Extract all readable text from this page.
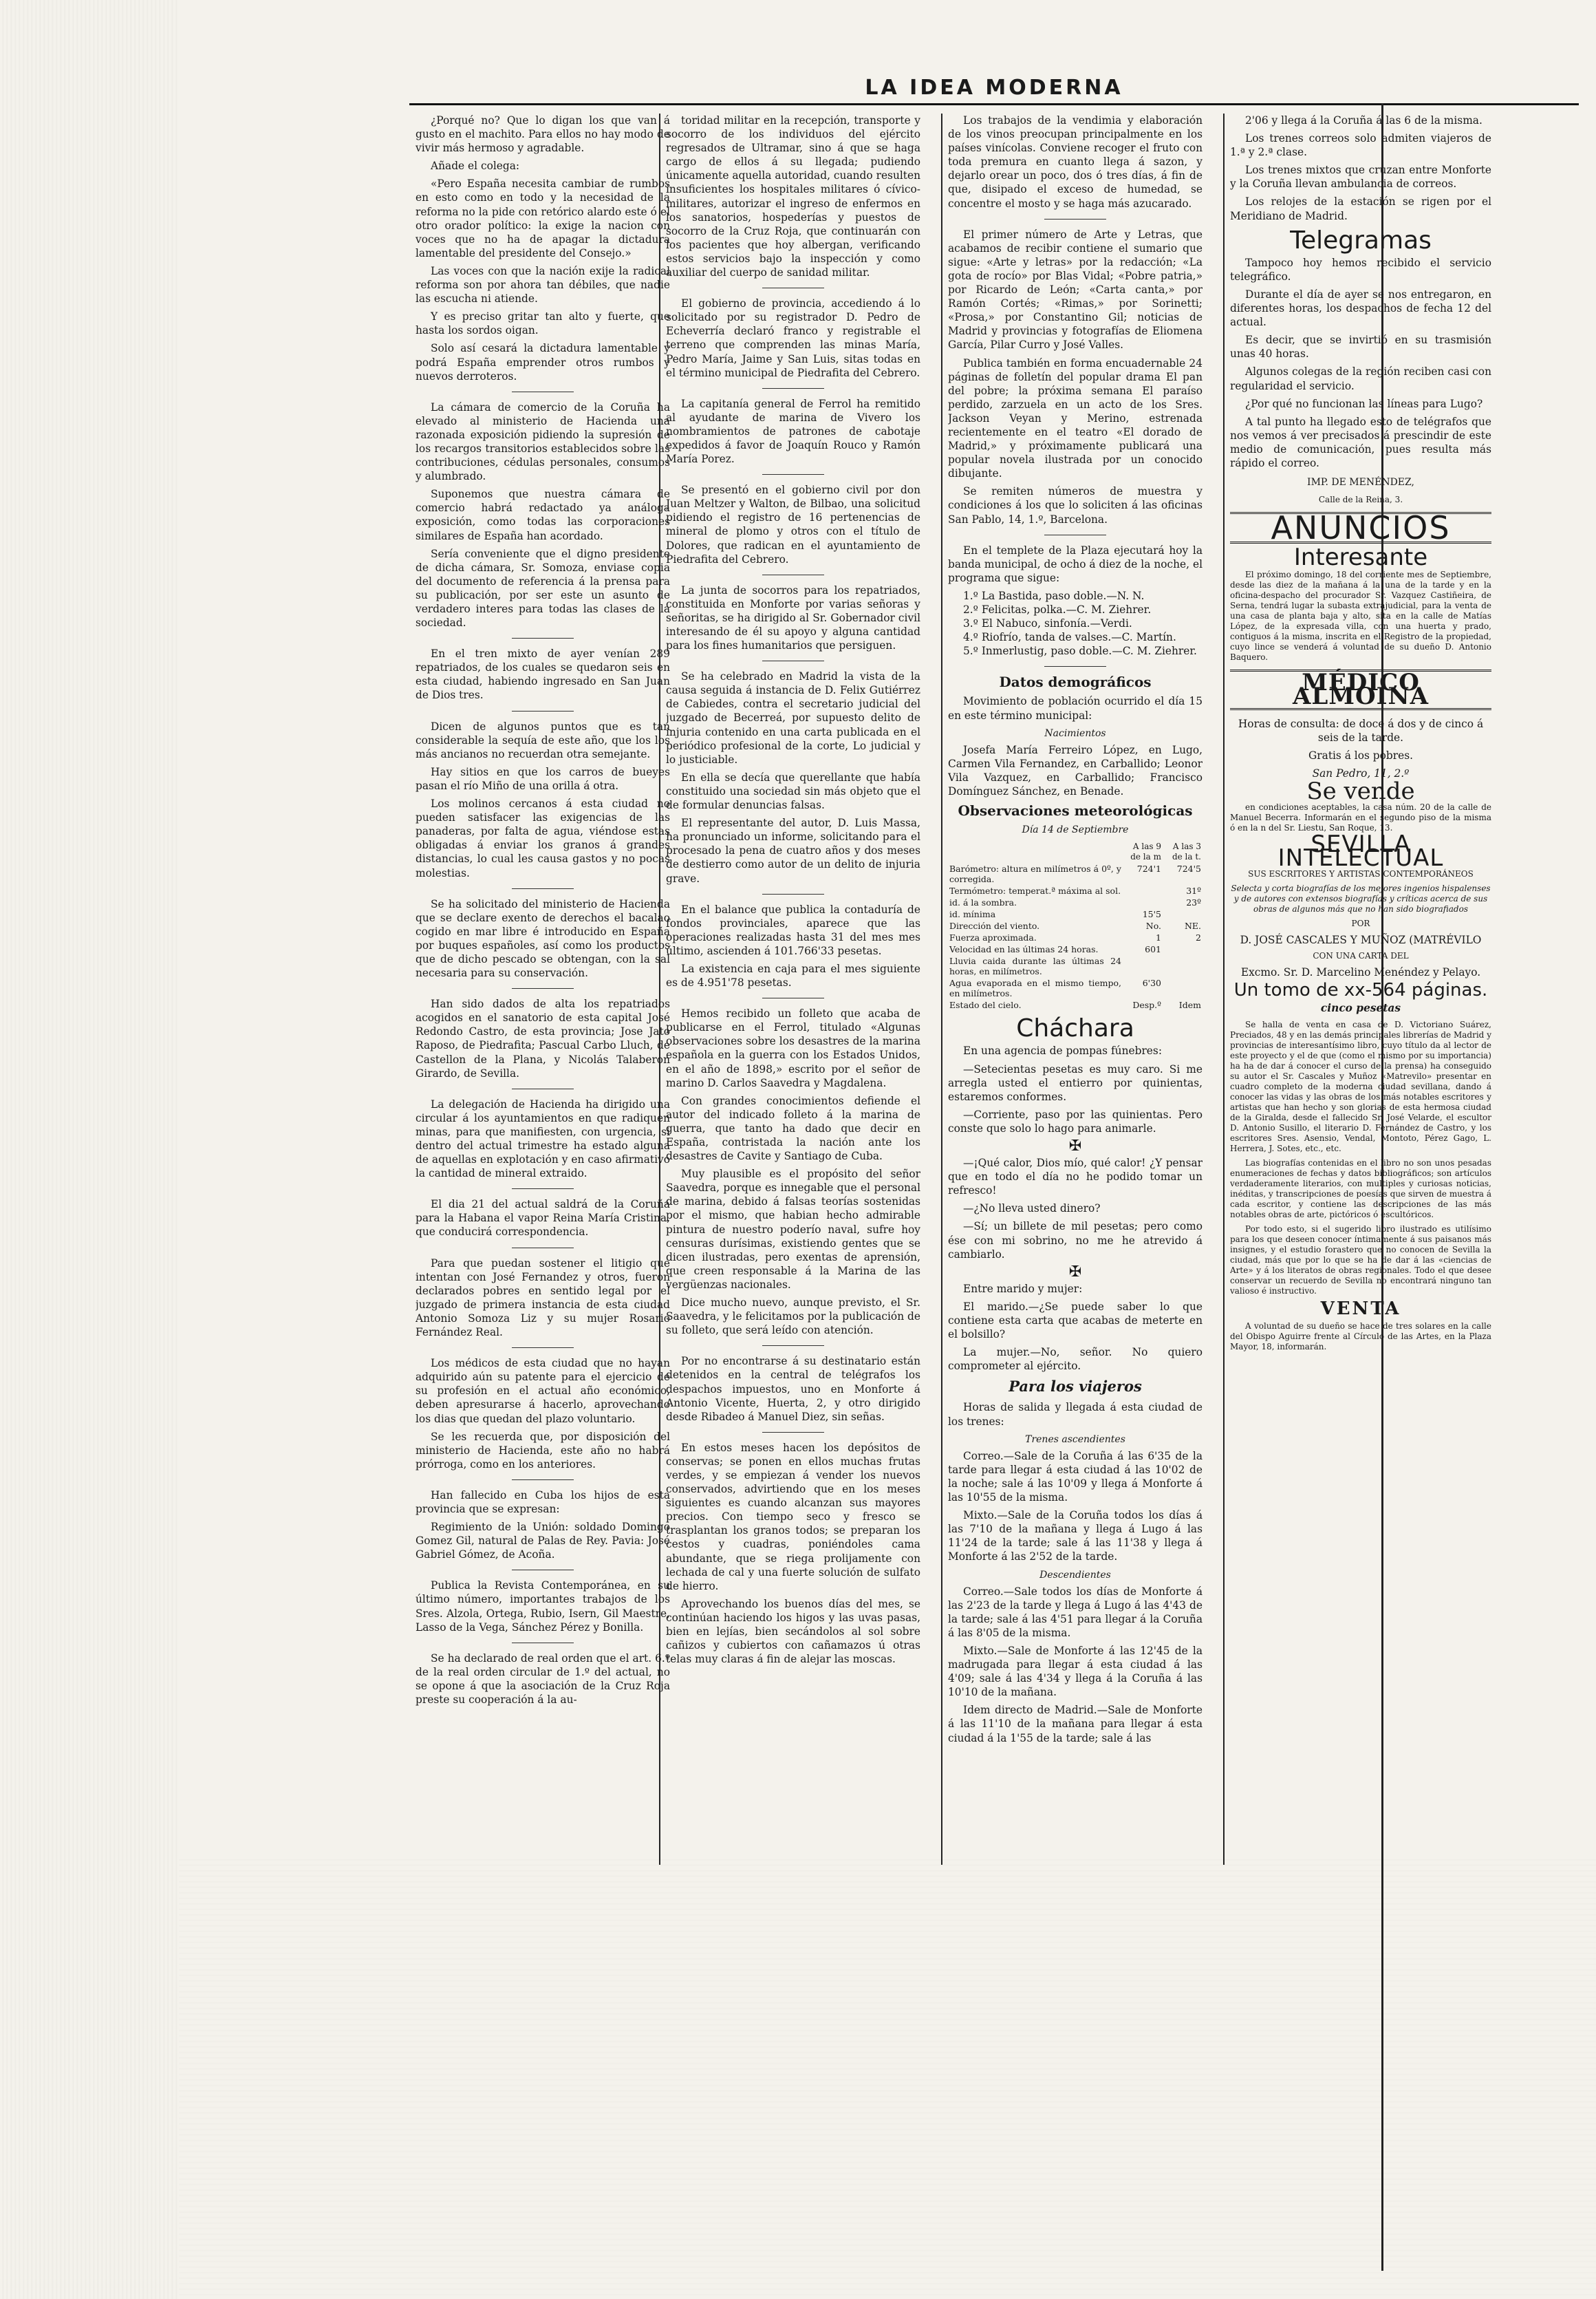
LA IDEA MODERNA

¿Porqué no? Que lo digan los que van á gusto en el machito. Para ellos no hay modo de vivir más hermoso y agradable.

Añade el colega:

«Pero España necesita cambiar de rumbos en esto como en todo y la necesidad de la reforma no la pide con retórico alardo este ó el otro orador político: la exige la nacion con voces que no ha de apagar la dictadura lamentable del presidente del Consejo.»

Las voces con que la nación exije la radical reforma son por ahora tan débiles, que nadie las escucha ni atiende.

Y es preciso gritar tan alto y fuerte, que hasta los sordos oigan.

Solo así cesará la dictadura lamentable y podrá España emprender otros rumbos y nuevos derroteros.

La cámara de comercio de la Coruña ha elevado al ministerio de Hacienda una razonada exposición pidiendo la supresión de los recargos transitorios establecidos sobre las contribuciones, cédulas personales, consumos y alumbrado.

Suponemos que nuestra cámara de comercio habrá redactado ya análoga exposición, como todas las corporaciones similares de España han acordado.

Sería conveniente que el digno presidente de dicha cámara, Sr. Somoza, enviase copia del documento de referencia á la prensa para su publicación, por ser este un asunto de verdadero interes para todas las clases de la sociedad.

En el tren mixto de ayer venían 289 repatriados, de los cuales se quedaron seis en esta ciudad, habiendo ingresado en San Juan de Dios tres.

Dicen de algunos puntos que es tan considerable la sequía de este año, que los los más ancianos no recuerdan otra semejante.

Hay sitios en que los carros de bueyes pasan el río Miño de una orilla á otra.

Los molinos cercanos á esta ciudad no pueden satisfacer las exigencias de las panaderas, por falta de agua, viéndose estas obligadas á enviar los granos á grandes distancias, lo cual les causa gastos y no pocas molestias.

Se ha solicitado del ministerio de Hacienda que se declare exento de derechos el bacalao cogido en mar libre é introducido en España por buques españoles, así como los productos que de dicho pescado se obtengan, con la sal necesaria para su conservación.

Han sido dados de alta los repatriados acogidos en el sanatorio de esta capital José Redondo Castro, de esta provincia; Jose Jato Raposo, de Piedrafita; Pascual Carbo Lluch, de Castellon de la Plana, y Nicolás Talaberon Girardo, de Sevilla.

La delegación de Hacienda ha dirigido una circular á los ayuntamientos en que radiquen minas, para que manifiesten, con urgencia, si dentro del actual trimestre ha estado alguna de aquellas en explotación y en caso afirmativo la cantidad de mineral extraido.

El dia 21 del actual saldrá de la Coruña para la Habana el vapor Reina María Cristina, que conducirá correspondencia.

Para que puedan sostener el litigio que intentan con José Fernandez y otros, fueron declarados pobres en sentido legal por el juzgado de primera instancia de esta ciudad Antonio Somoza Liz y su mujer Rosario Fernández Real.

Los médicos de esta ciudad que no hayan adquirido aún su patente para el ejercicio de su profesión en el actual año económico, deben apresurarse á hacerlo, aprovechando los dias que quedan del plazo voluntario.

Se les recuerda que, por disposición del ministerio de Hacienda, este año no habrá prórroga, como en los anteriores.

Han fallecido en Cuba los hijos de esta provincia que se expresan:

Regimiento de la Unión: soldado Domingo Gomez Gil, natural de Palas de Rey. Pavia: José Gabriel Gómez, de Acoña.

Publica la Revista Contemporánea, en su último número, importantes trabajos de los Sres. Alzola, Ortega, Rubio, Isern, Gil Maestre, Lasso de la Vega, Sánchez Pérez y Bonilla.

Se ha declarado de real orden que el art. 6.º de la real orden circular de 1.º del actual, no se opone á que la asociación de la Cruz Roja preste su cooperación á la au-

toridad militar en la recepción, transporte y socorro de los individuos del ejército regresados de Ultramar, sino á que se haga cargo de ellos á su llegada; pudiendo únicamente aquella autoridad, cuando resulten insuficientes los hospitales militares ó cívico-militares, autorizar el ingreso de enfermos en los sanatorios, hospederías y puestos de socorro de la Cruz Roja, que continuarán con los pacientes que hoy albergan, verificando estos servicios bajo la inspección y como auxiliar del cuerpo de sanidad militar.

El gobierno de provincia, accediendo á lo solicitado por su registrador D. Pedro de Echeverría declaró franco y registrable el terreno que comprenden las minas María, Pedro María, Jaime y San Luis, sitas todas en el término municipal de Piedrafita del Cebrero.

La capitanía general de Ferrol ha remitido al ayudante de marina de Vivero los nombramientos de patrones de cabotaje expedidos á favor de Joaquín Rouco y Ramón María Porez.

Se presentó en el gobierno civil por don Juan Meltzer y Walton, de Bilbao, una solicitud pidiendo el registro de 16 pertenencias de mineral de plomo y otros con el título de Dolores, que radican en el ayuntamiento de Piedrafita del Cebrero.

La junta de socorros para los repatriados, constituida en Monforte por varias señoras y señoritas, se ha dirigido al Sr. Gobernador civil interesando de él su apoyo y alguna cantidad para los fines humanitarios que persiguen.

Se ha celebrado en Madrid la vista de la causa seguida á instancia de D. Felix Gutiérrez de Cabiedes, contra el secretario judicial del juzgado de Becerreá, por supuesto delito de injuria contenido en una carta publicada en el periódico profesional de la corte, Lo judicial y lo justiciable.

En ella se decía que querellante que había constituido una sociedad sin más objeto que el de formular denuncias falsas.

El representante del autor, D. Luis Massa, ha pronunciado un informe, solicitando para el procesado la pena de cuatro años y dos meses de destierro como autor de un delito de injuria grave.

En el balance que publica la contaduría de fondos provinciales, aparece que las operaciones realizadas hasta 31 del mes mes último, ascienden á 101.766'33 pesetas.

La existencia en caja para el mes siguiente es de 4.951'78 pesetas.

Hemos recibido un folleto que acaba de publicarse en el Ferrol, titulado «Algunas observaciones sobre los desastres de la marina española en la guerra con los Estados Unidos, en el año de 1898,» escrito por el señor de marino D. Carlos Saavedra y Magdalena.

Con grandes conocimientos defiende el autor del indicado folleto á la marina de guerra, que tanto ha dado que decir en España, contristada la nación ante los desastres de Cavite y Santiago de Cuba.

Muy plausible es el propósito del señor Saavedra, porque es innegable que el personal de marina, debido á falsas teorías sostenidas por el mismo, que habian hecho admirable pintura de nuestro poderío naval, sufre hoy censuras durísimas, existiendo gentes que se dicen ilustradas, pero exentas de aprensión, que creen responsable á la Marina de las vergüenzas nacionales.

Dice mucho nuevo, aunque previsto, el Sr. Saavedra, y le felicitamos por la publicación de su folleto, que será leído con atención.

Por no encontrarse á su destinatario están detenidos en la central de telégrafos los despachos impuestos, uno en Monforte á Antonio Vicente, Huerta, 2, y otro dirigido desde Ribadeo á Manuel Diez, sin señas.

En estos meses hacen los depósitos de conservas; se ponen en ellos muchas frutas verdes, y se empiezan á vender los nuevos conservados, advirtiendo que en los meses siguientes es cuando alcanzan sus mayores precios. Con tiempo seco y fresco se trasplantan los granos todos; se preparan los cestos y cuadras, poniéndoles cama abundante, que se riega prolijamente con lechada de cal y una fuerte solución de sulfato de hierro.

Aprovechando los buenos días del mes, se continúan haciendo los higos y las uvas pasas, bien en lejías, bien secándolos al sol sobre cañizos y cubiertos con cañamazos ú otras telas muy claras á fin de alejar las moscas.

Los trabajos de la vendimia y elaboración de los vinos preocupan principalmente en los países vinícolas. Conviene recoger el fruto con toda premura en cuanto llega á sazon, y dejarlo orear un poco, dos ó tres días, á fin de que, disipado el exceso de humedad, se concentre el mosto y se haga más azucarado.

El primer número de Arte y Letras, que acabamos de recibir contiene el sumario que sigue: «Arte y letras» por la redacción; «La gota de rocío» por Blas Vidal; «Pobre patria,» por Ricardo de León; «Carta canta,» por Ramón Cortés; «Rimas,» por Sorinetti; «Prosa,» por Constantino Gil; noticias de Madrid y provincias y fotografías de Eliomena García, Pilar Curro y José Valles.

Publica también en forma encuadernable 24 páginas de folletín del popular drama El pan del pobre; la próxima semana El paraíso perdido, zarzuela en un acto de los Sres. Jackson Veyan y Merino, estrenada recientemente en el teatro «El dorado de Madrid,» y próximamente publicará una popular novela ilustrada por un conocido dibujante.

Se remiten números de muestra y condiciones á los que lo soliciten á las oficinas San Pablo, 14, 1.º, Barcelona.

En el templete de la Plaza ejecutará hoy la banda municipal, de ocho á diez de la noche, el programa que sigue:

1.º La Bastida, paso doble.—N. N.
2.º Felicitas, polka.—C. M. Ziehrer.
3.º El Nabuco, sinfonía.—Verdi.
4.º Riofrío, tanda de valses.—C. Martín.
5.º Inmerlustig, paso doble.—C. M. Ziehrer.
Datos demográficos

Movimiento de población ocurrido el día 15 en este término municipal:

Nacimientos

Josefa María Ferreiro López, en Lugo, Carmen Vila Fernandez, en Carballido; Leonor Vila Vazquez, en Carballido; Francisco Domínguez Sánchez, en Benade.

Observaciones meteorológicas
Día 14 de Septiembre
	A las 9 de la m	A las 3 de la t.
Barómetro: altura en milímetros á 0º, y corregida.	724'1	724'5
Termómetro: temperat.ª máxima al sol.		31º
id. á la sombra.		23º
id. mínima	15'5	
Dirección del viento.	No.	NE.
Fuerza aproximada.	1	2
Velocidad en las últimas 24 horas.	601	
Lluvia caida durante las últimas 24 horas, en milímetros.		
Agua evaporada en el mismo tiempo, en milímetros.	6'30	
Estado del cielo.	Desp.º	Idem
Cháchara

En una agencia de pompas fúnebres:

—Setecientas pesetas es muy caro. Si me arregla usted el entierro por quinientas, estaremos conformes.

—Corriente, paso por las quinientas. Pero conste que solo lo hago para animarle.

✠

—¡Qué calor, Dios mío, qué calor! ¿Y pensar que en todo el día no he podido tomar un refresco!

—¿No lleva usted dinero?

—Sí; un billete de mil pesetas; pero como ése con mi sobrino, no me he atrevido á cambiarlo.

✠

Entre marido y mujer:

El marido.—¿Se puede saber lo que contiene esta carta que acabas de meterte en el bolsillo?

La mujer.—No, señor. No quiero comprometer al ejército.

Para los viajeros

Horas de salida y llegada á esta ciudad de los trenes:

Trenes ascendientes

Correo.—Sale de la Coruña á las 6'35 de la tarde para llegar á esta ciudad á las 10'02 de la noche; sale á las 10'09 y llega á Monforte á las 10'55 de la misma.

Mixto.—Sale de la Coruña todos los días á las 7'10 de la mañana y llega á Lugo á las 11'24 de la tarde; sale á las 11'38 y llega á Monforte á las 2'52 de la tarde.

Descendientes

Correo.—Sale todos los días de Monforte á las 2'23 de la tarde y llega á Lugo á las 4'43 de la tarde; sale á las 4'51 para llegar á la Coruña á las 8'05 de la misma.

Mixto.—Sale de Monforte á las 12'45 de la madrugada para llegar á esta ciudad á las 4'09; sale á las 4'34 y llega á la Coruña á las 10'10 de la mañana.

Idem directo de Madrid.—Sale de Monforte á las 11'10 de la mañana para llegar á esta ciudad á la 1'55 de la tarde; sale á las

2'06 y llega á la Coruña á las 6 de la misma.

Los trenes correos solo admiten viajeros de 1.ª y 2.ª clase.

Los trenes mixtos que cruzan entre Monforte y la Coruña llevan ambulancia de correos.

Los relojes de la estación se rigen por el Meridiano de Madrid.

Telegramas

Tampoco hoy hemos recibido el servicio telegráfico.

Durante el día de ayer se nos entregaron, en diferentes horas, los despachos de fecha 12 del actual.

Es decir, que se invirtió en su trasmisión unas 40 horas.

Algunos colegas de la región reciben casi con regularidad el servicio.

¿Por qué no funcionan las líneas para Lugo?

A tal punto ha llegado esto de telégrafos que nos vemos á ver precisados á prescindir de este medio de comunicación, pues resulta más rápido el correo.

IMP. DE MENÉNDEZ,
Calle de la Reina, 3.
ANUNCIOS
Interesante

El próximo domingo, 18 del corriente mes de Septiembre, desde las diez de la mañana á la una de la tarde y en la oficina-despacho del procurador Sr. Vazquez Castiñeira, de Serna, tendrá lugar la subasta extrajudicial, para la venta de una casa de planta baja y alto, sita en la calle de Matías López, de la expresada villa, con una huerta y prado, contiguos á la misma, inscrita en el Registro de la propiedad, cuyo lince se venderá á voluntad de su dueño D. Antonio Baquero.

MÉDICO ALMOINA

Horas de consulta: de doce á dos y de cinco á seis de la tarde.

Gratis á los pobres.

San Pedro, 11, 2.º

Se vende

en condiciones aceptables, la casa núm. 20 de la calle de Manuel Becerra. Informarán en el segundo piso de la misma ó en la n del Sr. Liestu, San Roque, 13.

SEVILLA INTELECTUAL

SUS ESCRITORES Y ARTISTAS CONTEMPORÁNEOS

Selecta y corta biografías de los mejores ingenios hispalenses y de autores con extensos biografías y críticas acerca de sus obras de algunos más que no han sido biografiados

POR

D. JOSÉ CASCALES Y MUÑOZ (MATRÉVILO

CON UNA CARTA DEL

Excmo. Sr. D. Marcelino Menéndez y Pelayo.

Un tomo de xx-564 páginas.

cinco pesetas

Se halla de venta en casa de D. Victoriano Suárez, Preciados, 48 y en las demás principales librerías de Madrid y provincias de interesantísimo libro, cuyo título da al lector de este proyecto y el de que (como el mismo por su importancia) ha ha de dar á conocer el curso de la prensa) ha conseguido su autor el Sr. Cascales y Muñoz «Matrevilo» presentar en cuadro completo de la moderna ciudad sevillana, dando á conocer las vidas y las obras de los más notables escritores y artistas que han hecho y son glorias de esta hermosa ciudad de la Giralda, desde el fallecido Sr. José Velarde, el escultor D. Antonio Susillo, el literario D. Fernández de Castro, y los escritores Sres. Asensio, Vendal, Montoto, Pérez Gago, L. Herrera, J. Sotes, etc., etc.

Las biografías contenidas en el libro no son unos pesadas enumeraciones de fechas y datos bibliográficos; son artículos verdaderamente literarios, con multiples y curiosas noticias, inéditas, y transcripciones de poesías que sirven de muestra á cada escritor, y contiene las descripciones de las más notables obras de arte, pictóricos ó escultóricos.

Por todo esto, si el sugerido libro ilustrado es utilísimo para los que deseen conocer íntimamente á sus paisanos más insignes, y el estudio forastero que no conocen de Sevilla la ciudad, más que por lo que se ha de dar á las «ciencias de Arte» y á los literatos de obras regionales. Todo el que desee conservar un recuerdo de Sevilla no encontrará ninguno tan valioso é instructivo.

VENTA

A voluntad de su dueño se hace de tres solares en la calle del Obispo Aguirre frente al Círculo de las Artes, en la Plaza Mayor, 18, informarán.
